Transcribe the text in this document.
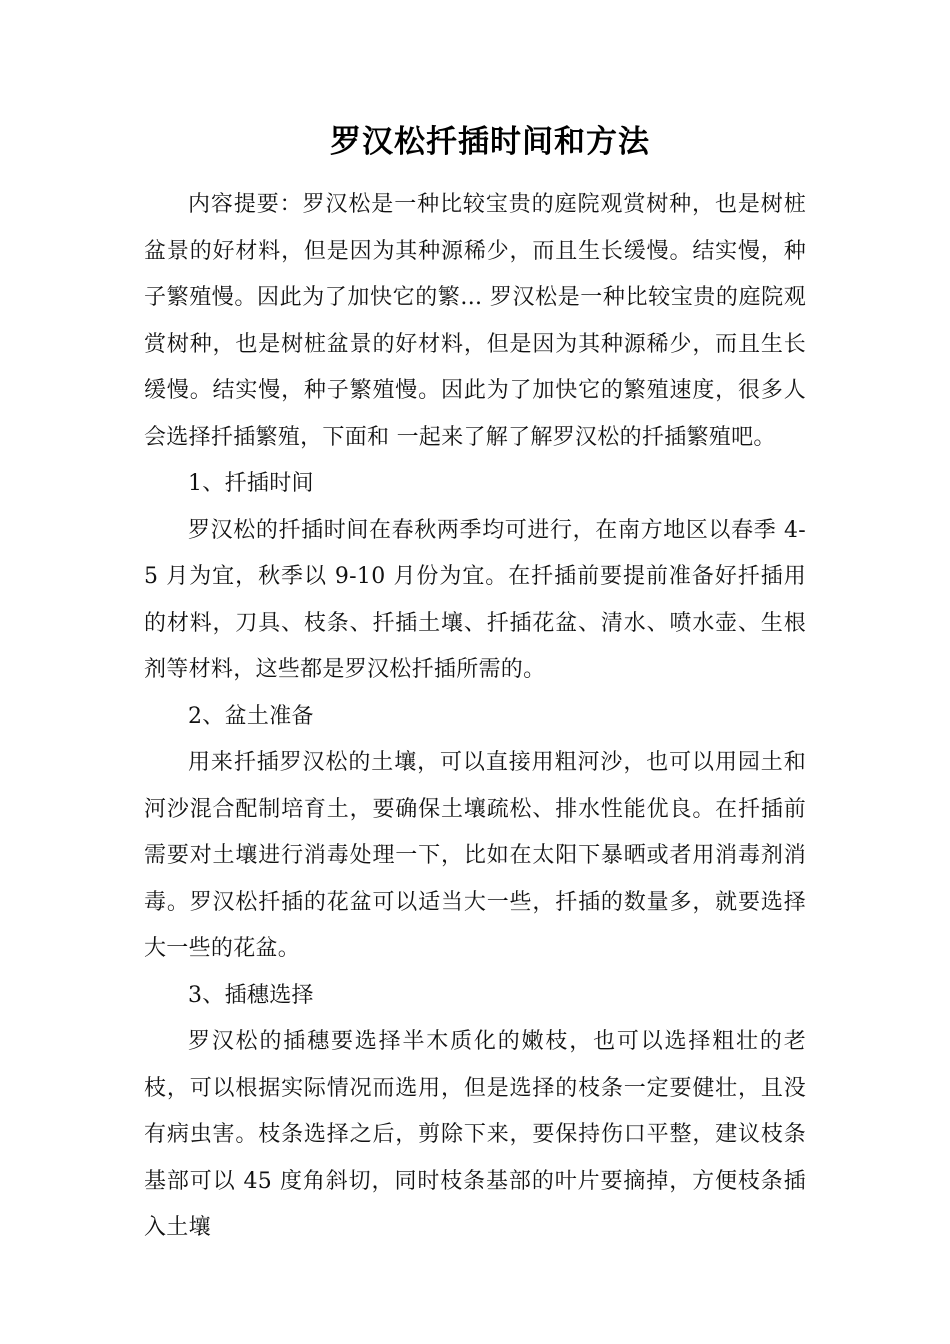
罗汉松扦插时间和方法

内容提要：罗汉松是一种比较宝贵的庭院观赏树种，也是树桩盆景的好材料，但是因为其种源稀少，而且生长缓慢。结实慢，种子繁殖慢。因此为了加快它的繁... 罗汉松是一种比较宝贵的庭院观赏树种，也是树桩盆景的好材料，但是因为其种源稀少，而且生长缓慢。结实慢，种子繁殖慢。因此为了加快它的繁殖速度，很多人会选择扦插繁殖，下面和 一起来了解了解罗汉松的扦插繁殖吧。

1、扦插时间

罗汉松的扦插时间在春秋两季均可进行，在南方地区以春季 4-5 月为宜，秋季以 9-10 月份为宜。在扦插前要提前准备好扦插用的材料，刀具、枝条、扦插土壤、扦插花盆、清水、喷水壶、生根剂等材料，这些都是罗汉松扦插所需的。

2、盆土准备

用来扦插罗汉松的土壤，可以直接用粗河沙，也可以用园土和河沙混合配制培育土，要确保土壤疏松、排水性能优良。在扦插前需要对土壤进行消毒处理一下，比如在太阳下暴晒或者用消毒剂消毒。罗汉松扦插的花盆可以适当大一些，扦插的数量多，就要选择大一些的花盆。

3、插穗选择

罗汉松的插穗要选择半木质化的嫩枝，也可以选择粗壮的老枝，可以根据实际情况而选用，但是选择的枝条一定要健壮，且没有病虫害。枝条选择之后，剪除下来，要保持伤口平整，建议枝条基部可以 45 度角斜切，同时枝条基部的叶片要摘掉，方便枝条插入土壤
